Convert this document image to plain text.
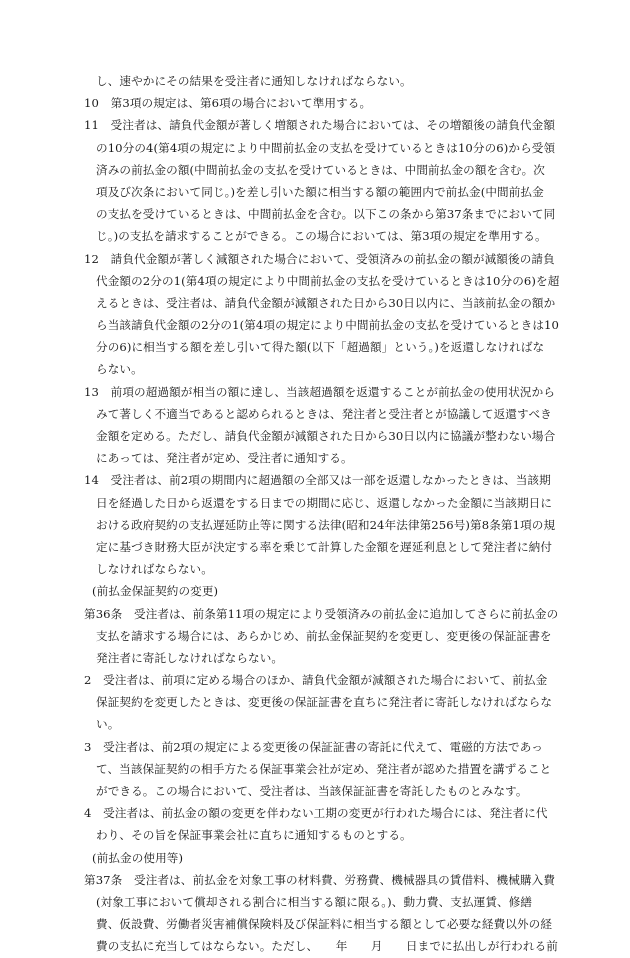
し、速やかにその結果を受注者に通知しなければならない。
10　第3項の規定は、第6項の場合において準用する。
11　受注者は、請負代金額が著しく増額された場合においては、その増額後の請負代金額
の10分の4(第4項の規定により中間前払金の支払を受けているときは10分の6)から受領
済みの前払金の額(中間前払金の支払を受けているときは、中間前払金の額を含む。次
項及び次条において同じ。)を差し引いた額に相当する額の範囲内で前払金(中間前払金
の支払を受けているときは、中間前払金を含む。以下この条から第37条までにおいて同
じ。)の支払を請求することができる。この場合においては、第3項の規定を準用する。
12　請負代金額が著しく減額された場合において、受領済みの前払金の額が減額後の請負
代金額の2分の1(第4項の規定により中間前払金の支払を受けているときは10分の6)を超
えるときは、受注者は、請負代金額が減額された日から30日以内に、当該前払金の額か
ら当該請負代金額の2分の1(第4項の規定により中間前払金の支払を受けているときは10
分の6)に相当する額を差し引いて得た額(以下「超過額」という。)を返還しなければな
らない。
13　前項の超過額が相当の額に達し、当該超過額を返還することが前払金の使用状況から
みて著しく不適当であると認められるときは、発注者と受注者とが協議して返還すべき
金額を定める。ただし、請負代金額が減額された日から30日以内に協議が整わない場合
にあっては、発注者が定め、受注者に通知する。
14　受注者は、前2項の期間内に超過額の全部又は一部を返還しなかったときは、当該期
日を経過した日から返還をする日までの期間に応じ、返還しなかった金額に当該期日に
おける政府契約の支払遅延防止等に関する法律(昭和24年法律第256号)第8条第1項の規
定に基づき財務大臣が決定する率を乗じて計算した金額を遅延利息として発注者に納付
しなければならない。
(前払金保証契約の変更)
第36条　受注者は、前条第11項の規定により受領済みの前払金に追加してさらに前払金の
支払を請求する場合には、あらかじめ、前払金保証契約を変更し、変更後の保証証書を
発注者に寄託しなければならない。
2　受注者は、前項に定める場合のほか、請負代金額が減額された場合において、前払金
保証契約を変更したときは、変更後の保証証書を直ちに発注者に寄託しなければならな
い。
3　受注者は、前2項の規定による変更後の保証証書の寄託に代えて、電磁的方法であっ
て、当該保証契約の相手方たる保証事業会社が定め、発注者が認めた措置を講ずること
ができる。この場合において、受注者は、当該保証証書を寄託したものとみなす。
4　受注者は、前払金の額の変更を伴わない工期の変更が行われた場合には、発注者に代
わり、その旨を保証事業会社に直ちに通知するものとする。
(前払金の使用等)
第37条　受注者は、前払金を対象工事の材料費、労務費、機械器具の賃借料、機械購入費
(対象工事において償却される割合に相当する額に限る。)、動力費、支払運賃、修繕
費、仮設費、労働者災害補償保険料及び保証料に相当する額として必要な経費以外の経
費の支払に充当してはならない。ただし、　　年　　月　　日までに払出しが行われる前
